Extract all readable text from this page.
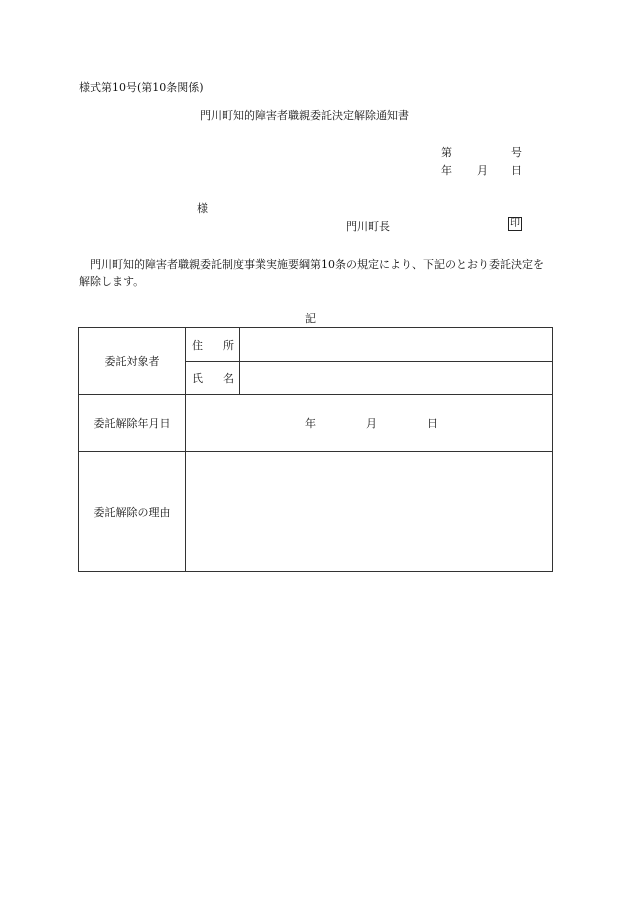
様式第10号(第10条関係)
門川町知的障害者職親委託決定解除通知書
第	号
年 月 日
様
門川町長	印
門川町知的障害者職親委託制度事業実施要綱第10条の規定により、下記のとおり委託決定を解除します。
記
委託対象者	住 所	
	氏 名	
委託解除年月日	年 月 日	
委託解除の理由		
